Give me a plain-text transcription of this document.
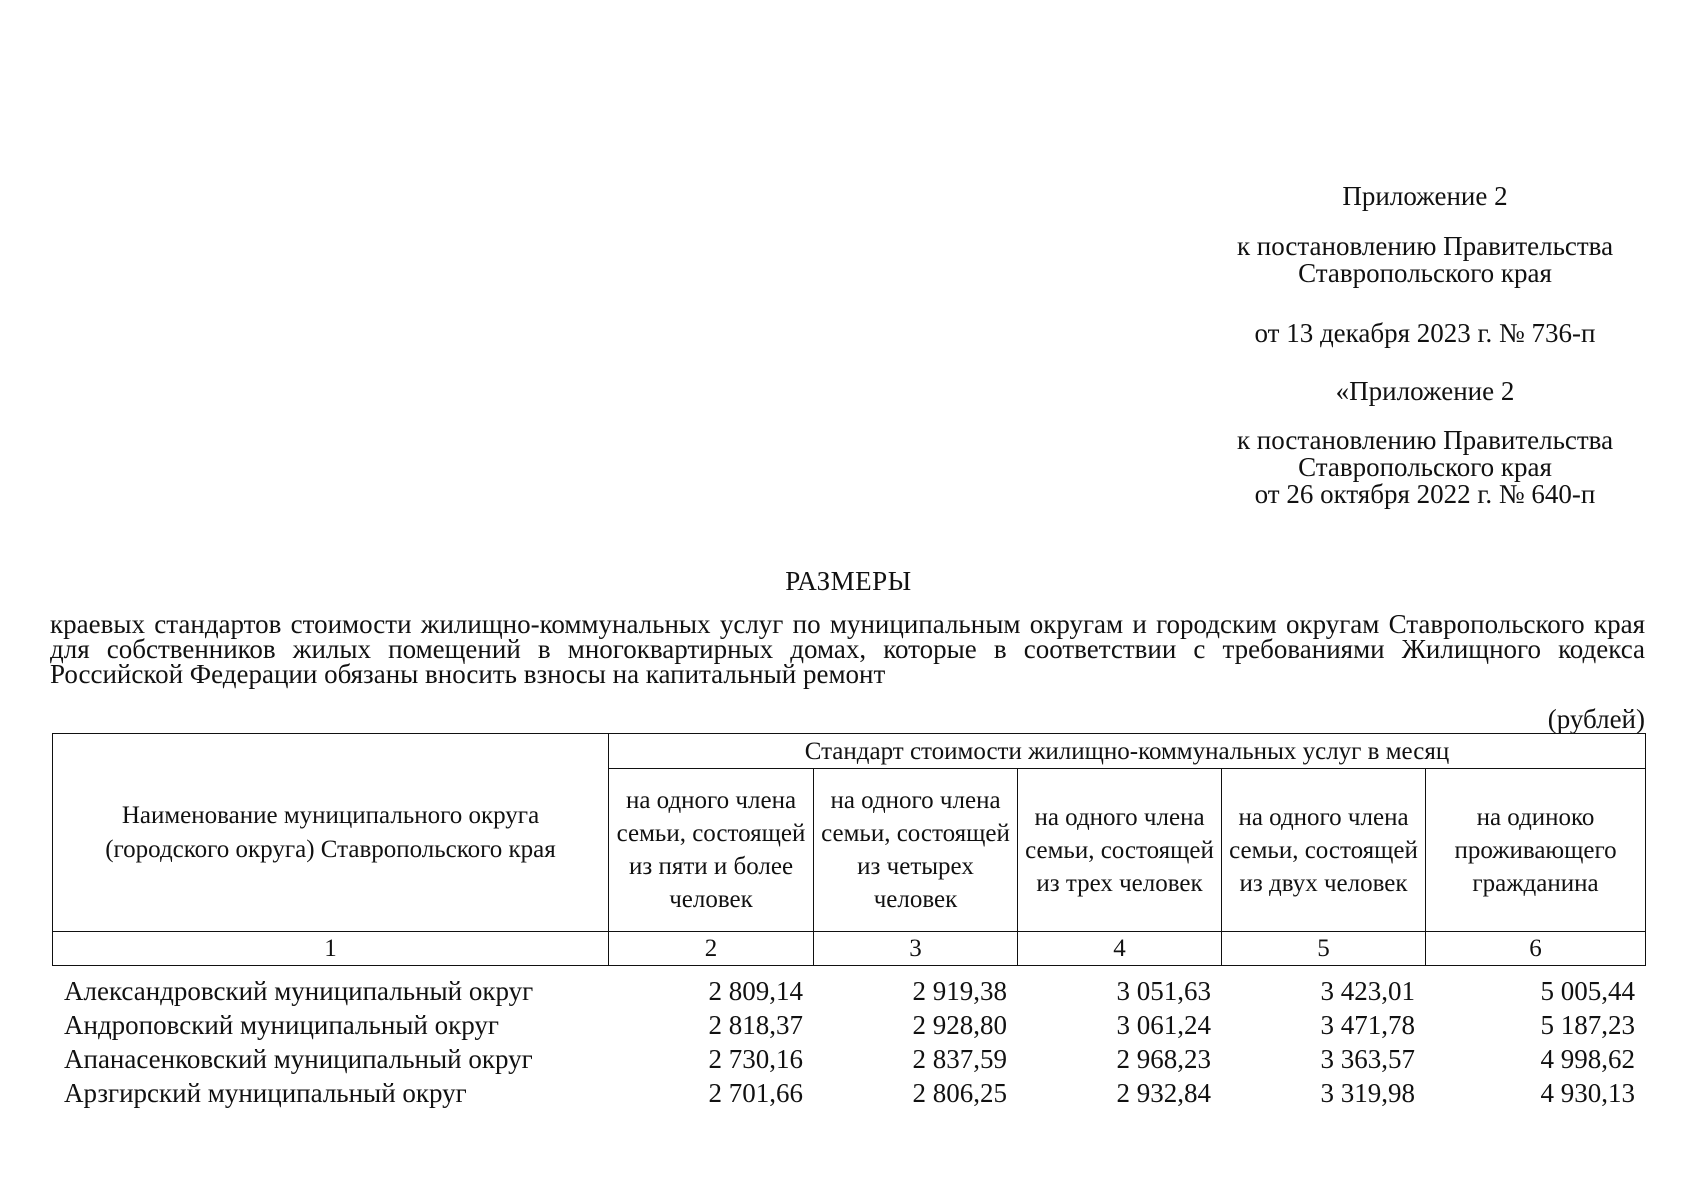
Приложение 2
к постановлению Правительства
Ставропольского края
от 13 декабря 2023 г. № 736-п
«Приложение 2
к постановлению Правительства
Ставропольского края
от 26 октября 2022 г. № 640-п
РАЗМЕРЫ
краевых стандартов стоимости жилищно-коммунальных услуг по муниципальным округам и городским округам Ставропольского края для собственников жилых помещений в многоквартирных домах, которые в соответствии с требованиями Жилищного кодекса Российской Федерации обязаны вносить взносы на капитальный ремонт
(рублей)
Наименование муниципального округа (городского округа) Ставропольского края	Стандарт стоимости жилищно-коммунальных услуг в месяц				
	на одного члена семьи, состоящей из пяти и более человек	на одного члена семьи, состоящей из четырех человек	на одного члена семьи, состоящей из трех человек	на одного члена семьи, состоящей из двух человек	на одиноко проживающего гражданина
1	2	3	4	5	6
Александровский муниципальный округ	2 809,14	2 919,38	3 051,63	3 423,01	5 005,44
Андроповский муниципальный округ	2 818,37	2 928,80	3 061,24	3 471,78	5 187,23
Апанасенковский муниципальный округ	2 730,16	2 837,59	2 968,23	3 363,57	4 998,62
Арзгирский муниципальный округ	2 701,66	2 806,25	2 932,84	3 319,98	4 930,13
